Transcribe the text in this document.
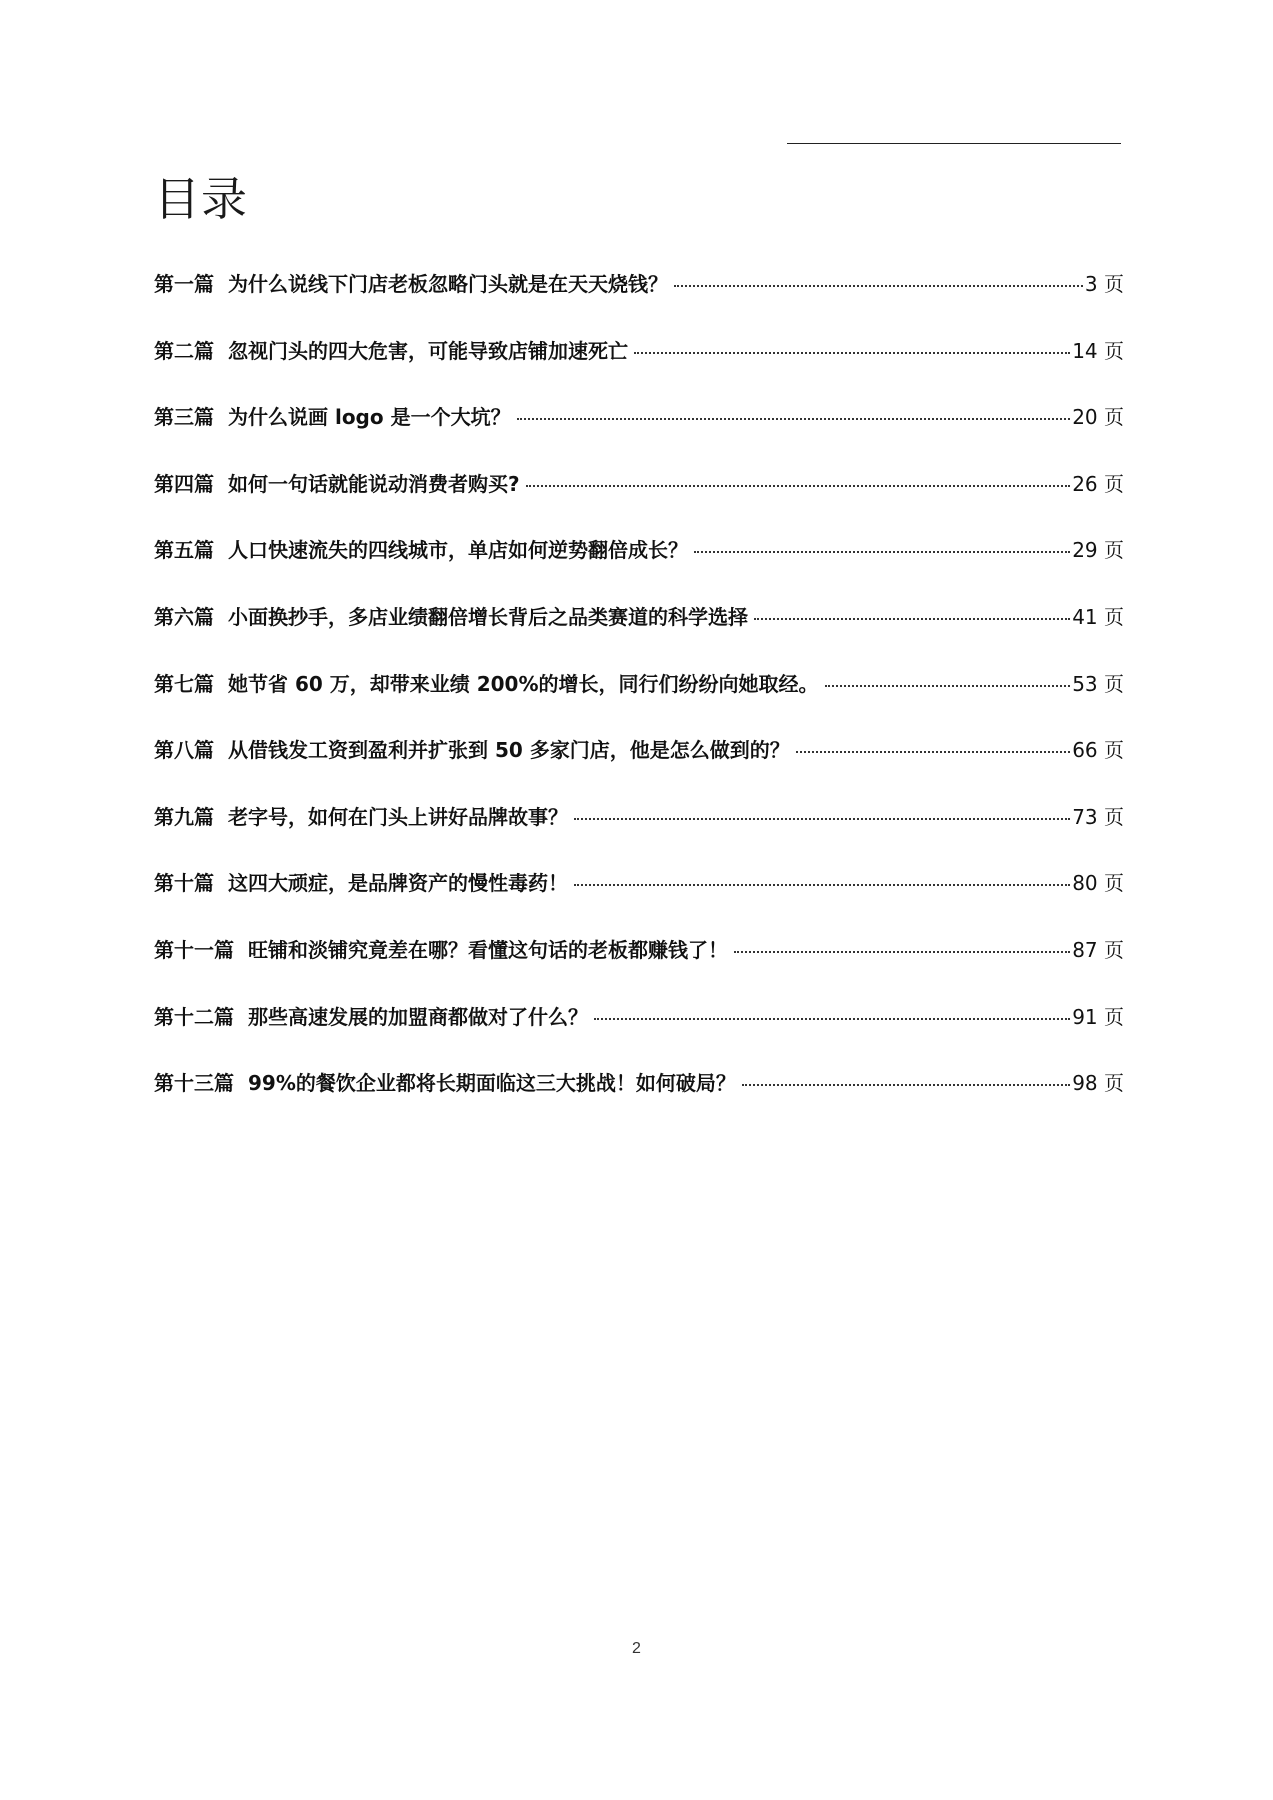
目录
第一篇 为什么说线下门店老板忽略门头就是在天天烧钱？	3 页
第二篇 忽视门头的四大危害，可能导致店铺加速死亡	14 页
第三篇 为什么说画 logo 是一个大坑？	20 页
第四篇 如何一句话就能说动消费者购买?	26 页
第五篇 人口快速流失的四线城市，单店如何逆势翻倍成长？	29 页
第六篇 小面换抄手，多店业绩翻倍增长背后之品类赛道的科学选择	41 页
第七篇 她节省 60 万，却带来业绩 200%的增长，同行们纷纷向她取经。	53 页
第八篇 从借钱发工资到盈利并扩张到 50 多家门店，他是怎么做到的？	66 页
第九篇 老字号，如何在门头上讲好品牌故事？	73 页
第十篇 这四大顽症，是品牌资产的慢性毒药！	80 页
第十一篇 旺铺和淡铺究竟差在哪？看懂这句话的老板都赚钱了！	87 页
第十二篇 那些高速发展的加盟商都做对了什么？	91 页
第十三篇 99%的餐饮企业都将长期面临这三大挑战！如何破局？	98 页
2
